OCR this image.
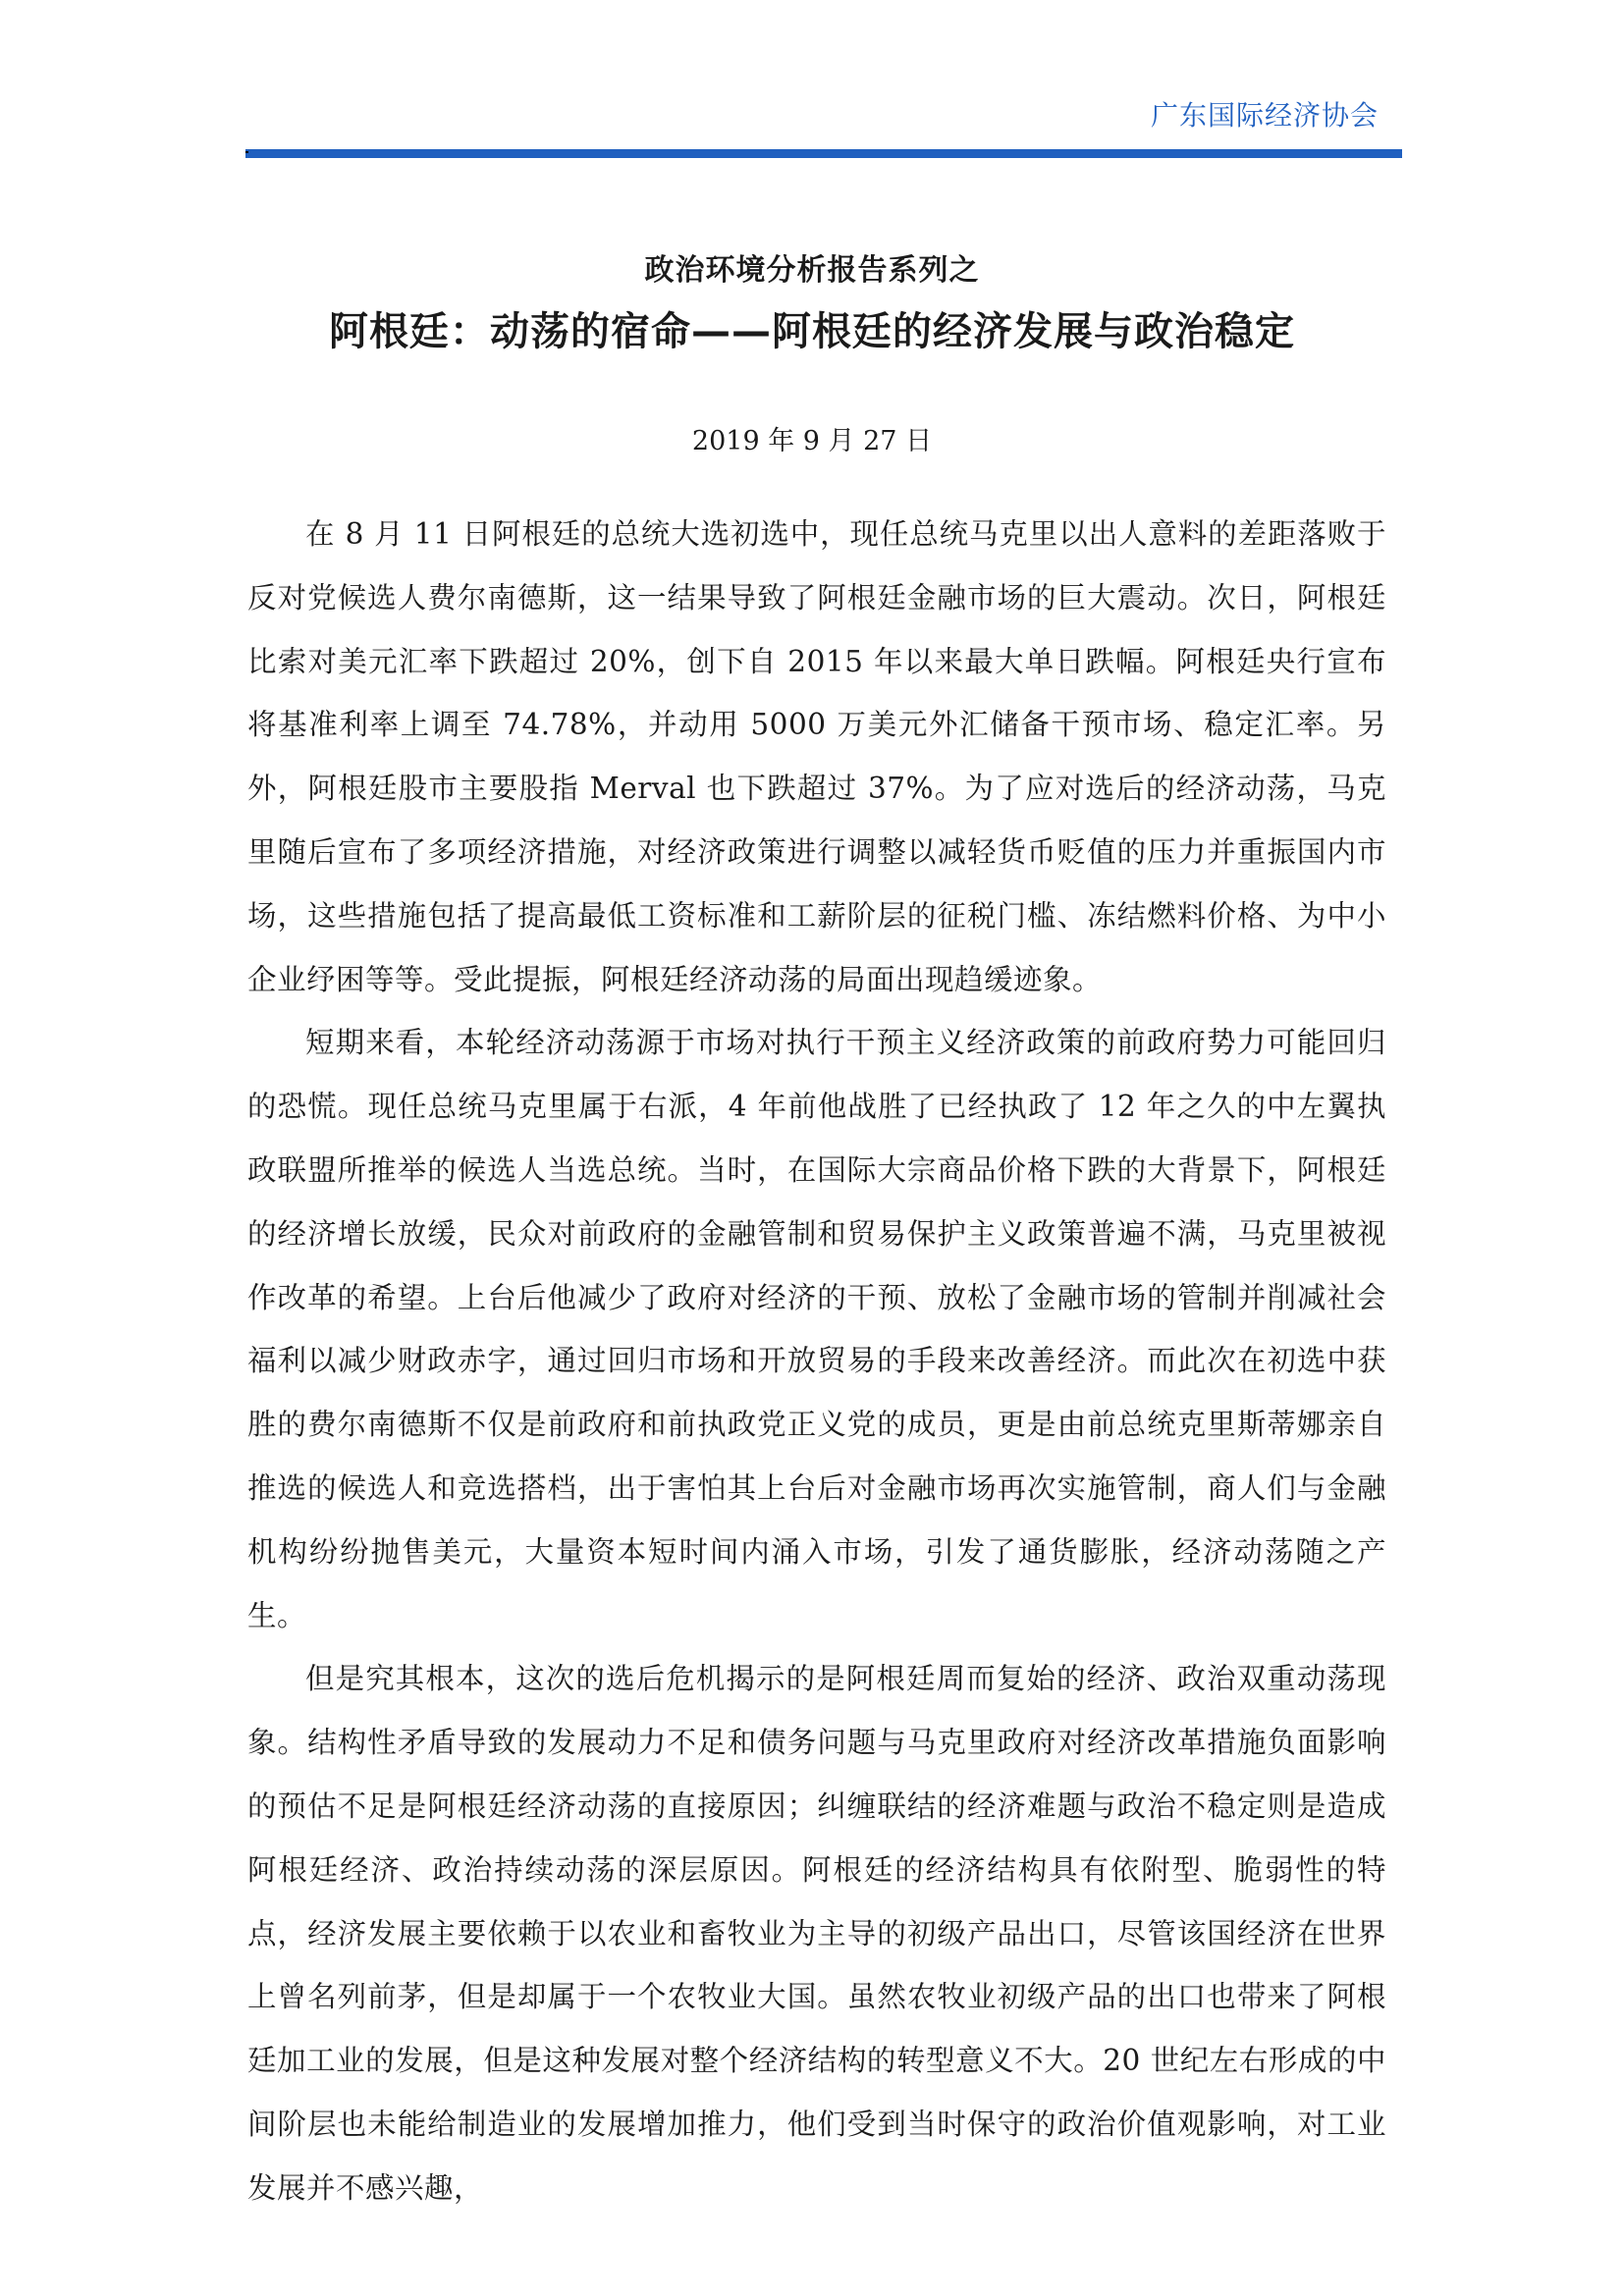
广东国际经济协会
政治环境分析报告系列之
阿根廷：动荡的宿命——阿根廷的经济发展与政治稳定
2019 年 9 月 27 日

在 8 月 11 日阿根廷的总统大选初选中，现任总统马克里以出人意料的差距落败于反对党候选人费尔南德斯，这一结果导致了阿根廷金融市场的巨大震动。次日，阿根廷比索对美元汇率下跌超过 20%，创下自 2015 年以来最大单日跌幅。阿根廷央行宣布将基准利率上调至 74.78%，并动用 5000 万美元外汇储备干预市场、稳定汇率。另外，阿根廷股市主要股指 Merval 也下跌超过 37%。为了应对选后的经济动荡，马克里随后宣布了多项经济措施，对经济政策进行调整以减轻货币贬值的压力并重振国内市场，这些措施包括了提高最低工资标准和工薪阶层的征税门槛、冻结燃料价格、为中小企业纾困等等。受此提振，阿根廷经济动荡的局面出现趋缓迹象。

短期来看，本轮经济动荡源于市场对执行干预主义经济政策的前政府势力可能回归的恐慌。现任总统马克里属于右派，4 年前他战胜了已经执政了 12 年之久的中左翼执政联盟所推举的候选人当选总统。当时，在国际大宗商品价格下跌的大背景下，阿根廷的经济增长放缓，民众对前政府的金融管制和贸易保护主义政策普遍不满，马克里被视作改革的希望。上台后他减少了政府对经济的干预、放松了金融市场的管制并削减社会福利以减少财政赤字，通过回归市场和开放贸易的手段来改善经济。而此次在初选中获胜的费尔南德斯不仅是前政府和前执政党正义党的成员，更是由前总统克里斯蒂娜亲自推选的候选人和竞选搭档，出于害怕其上台后对金融市场再次实施管制，商人们与金融机构纷纷抛售美元，大量资本短时间内涌入市场，引发了通货膨胀，经济动荡随之产生。

但是究其根本，这次的选后危机揭示的是阿根廷周而复始的经济、政治双重动荡现象。结构性矛盾导致的发展动力不足和债务问题与马克里政府对经济改革措施负面影响的预估不足是阿根廷经济动荡的直接原因；纠缠联结的经济难题与政治不稳定则是造成阿根廷经济、政治持续动荡的深层原因。阿根廷的经济结构具有依附型、脆弱性的特点，经济发展主要依赖于以农业和畜牧业为主导的初级产品出口，尽管该国经济在世界上曾名列前茅，但是却属于一个农牧业大国。虽然农牧业初级产品的出口也带来了阿根廷加工业的发展，但是这种发展对整个经济结构的转型意义不大。20 世纪左右形成的中间阶层也未能给制造业的发展增加推力，他们受到当时保守的政治价值观影响，对工业发展并不感兴趣，
